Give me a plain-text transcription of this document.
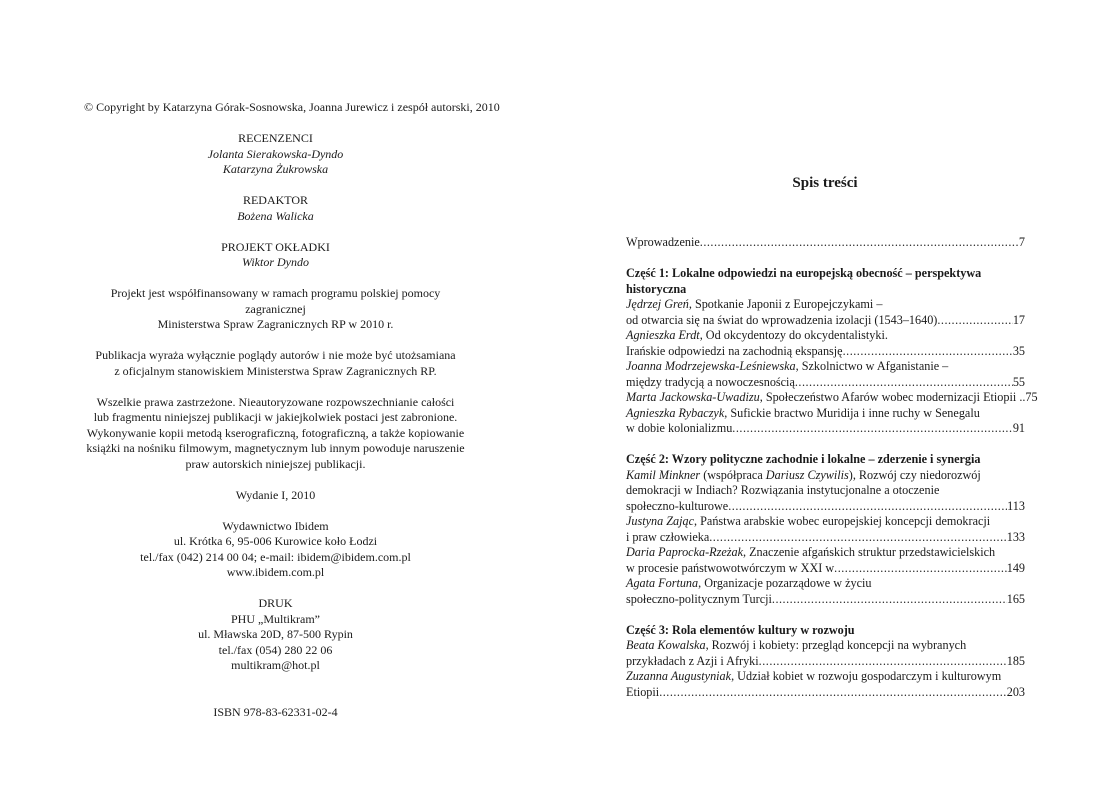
© Copyright by Katarzyna Górak-Sosnowska, Joanna Jurewicz i zespół autorski, 2010
RECENZENCI
Jolanta Sierakowska-Dyndo
Katarzyna Żukrowska
REDAKTOR
Bożena Walicka
PROJEKT OKŁADKI
Wiktor Dyndo
Projekt jest współfinansowany w ramach programu polskiej pomocy zagranicznej
Ministerstwa Spraw Zagranicznych RP w 2010 r.
Publikacja wyraża wyłącznie poglądy autorów i nie może być utożsamiana
z oficjalnym stanowiskiem Ministerstwa Spraw Zagranicznych RP.
Wszelkie prawa zastrzeżone. Nieautoryzowane rozpowszechnianie całości
lub fragmentu niniejszej publikacji w jakiejkolwiek postaci jest zabronione.
Wykonywanie kopii metodą kserograficzną, fotograficzną, a także kopiowanie
książki na nośniku filmowym, magnetycznym lub innym powoduje naruszenie
praw autorskich niniejszej publikacji.
Wydanie I, 2010
Wydawnictwo Ibidem
ul. Krótka 6, 95-006 Kurowice koło Łodzi
tel./fax (042) 214 00 04; e-mail: ibidem@ibidem.com.pl
www.ibidem.com.pl
DRUK
PHU „Multikram”
ul. Mławska 20D, 87-500 Rypin
tel./fax (054) 280 22 06
multikram@hot.pl
ISBN 978-83-62331-02-4
Spis treści
Wprowadzenie .....	7
Część 1: Lokalne odpowiedzi na europejską obecność – perspektywa
historyczna
Jędrzej Greń, Spotkanie Japonii z Europejczykami –
od otwarcia się na świat do wprowadzenia izolacji (1543–1640) .....	17
Agnieszka Erdt, Od okcydentozy do okcydentalistyki.
Irańskie odpowiedzi na zachodnią ekspansję .....	35
Joanna Modrzejewska-Leśniewska, Szkolnictwo w Afganistanie –
między tradycją a nowoczesnością .....	55
Marta Jackowska-Uwadizu, Społeczeństwo Afarów wobec modernizacji Etiopii ..75
Agnieszka Rybaczyk, Sufickie bractwo Muridija i inne ruchy w Senegalu
w dobie kolonializmu .....	91
Część 2: Wzory polityczne zachodnie i lokalne – zderzenie i synergia
Kamil Minkner (współpraca Dariusz Czywilis), Rozwój czy niedorozwój
demokracji w Indiach? Rozwiązania instytucjonalne a otoczenie
społeczno-kulturowe .....	113
Justyna Zając, Państwa arabskie wobec europejskiej koncepcji demokracji
i praw człowieka .....	133
Daria Paprocka-Rzeżak, Znaczenie afgańskich struktur przedstawicielskich
w procesie państwowotwórczym w XXI w .....	149
Agata Fortuna, Organizacje pozarządowe w życiu
społeczno-politycznym Turcji .....	165
Część 3: Rola elementów kultury w rozwoju
Beata Kowalska, Rozwój i kobiety: przegląd koncepcji na wybranych
przykładach z Azji i Afryki .....	185
Zuzanna Augustyniak, Udział kobiet w rozwoju gospodarczym i kulturowym
Etiopii .....	203
